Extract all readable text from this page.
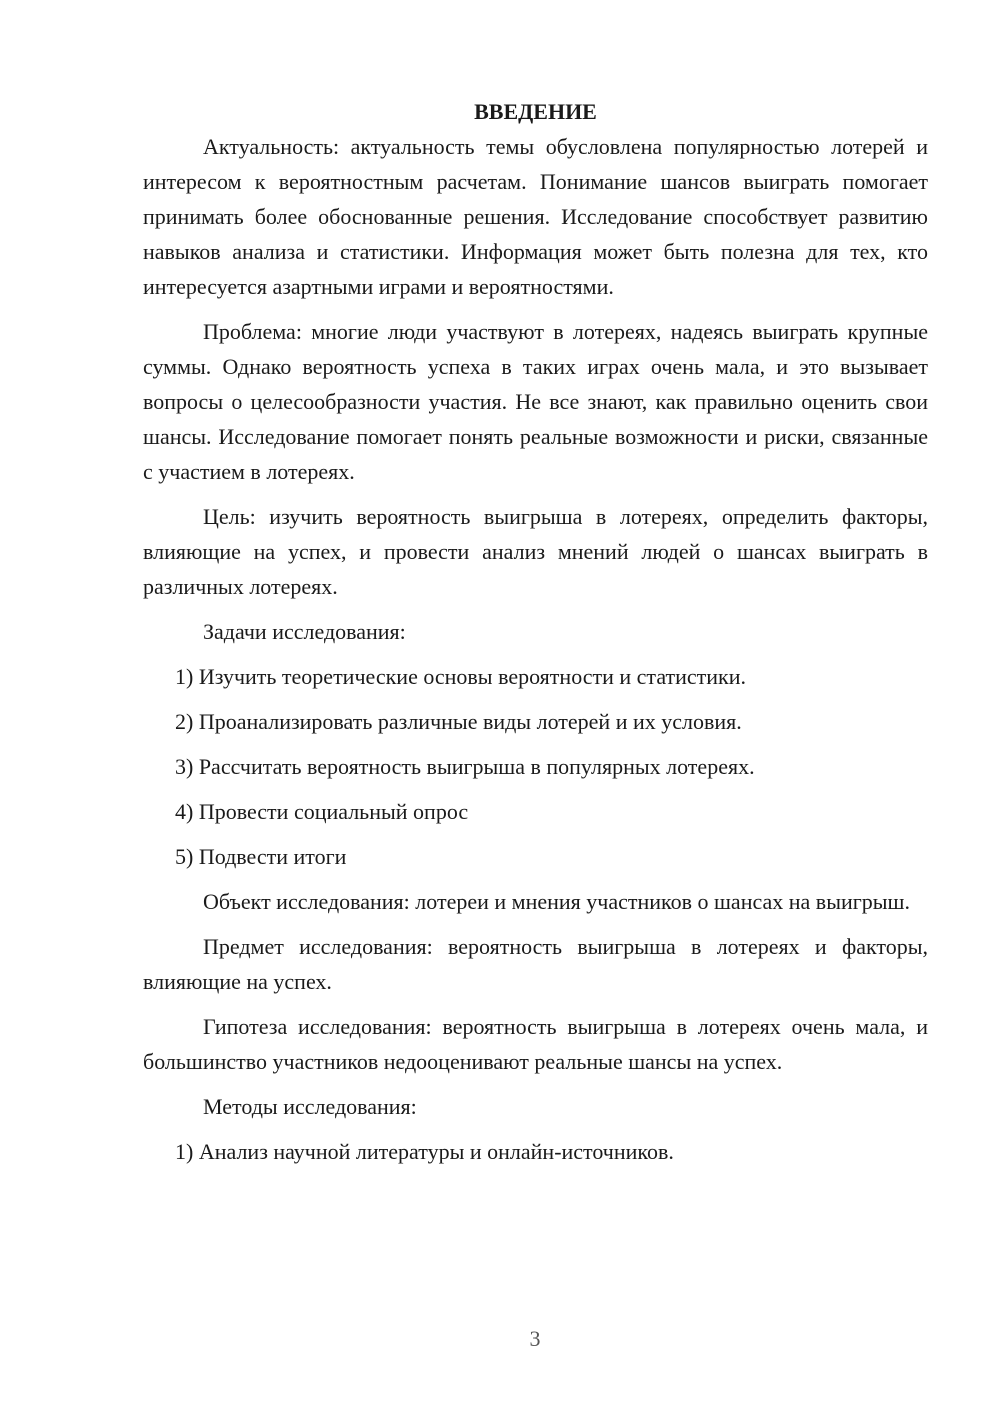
ВВЕДЕНИЕ

Актуальность: актуальность темы обусловлена популярностью лотерей и интересом к вероятностным расчетам. Понимание шансов выиграть помогает принимать более обоснованные решения. Исследование способствует развитию навыков анализа и статистики. Информация может быть полезна для тех, кто интересуется азартными играми и вероятностями.

Проблема: многие люди участвуют в лотереях, надеясь выиграть крупные суммы. Однако вероятность успеха в таких играх очень мала, и это вызывает вопросы о целесообразности участия. Не все знают, как правильно оценить свои шансы. Исследование помогает понять реальные возможности и риски, связанные с участием в лотереях.

Цель: изучить вероятность выигрыша в лотереях, определить факторы, влияющие на успех, и провести анализ мнений людей о шансах выиграть в различных лотереях.

Задачи исследования:

1) Изучить теоретические основы вероятности и статистики.

2) Проанализировать различные виды лотерей и их условия.

3) Рассчитать вероятность выигрыша в популярных лотереях.

4) Провести социальный опрос

5) Подвести итоги

Объект исследования: лотереи и мнения участников о шансах на выигрыш.

Предмет исследования: вероятность выигрыша в лотереях и факторы, влияющие на успех.

Гипотеза исследования: вероятность выигрыша в лотереях очень мала, и большинство участников недооценивают реальные шансы на успех.

Методы исследования:

1) Анализ научной литературы и онлайн-источников.

3
